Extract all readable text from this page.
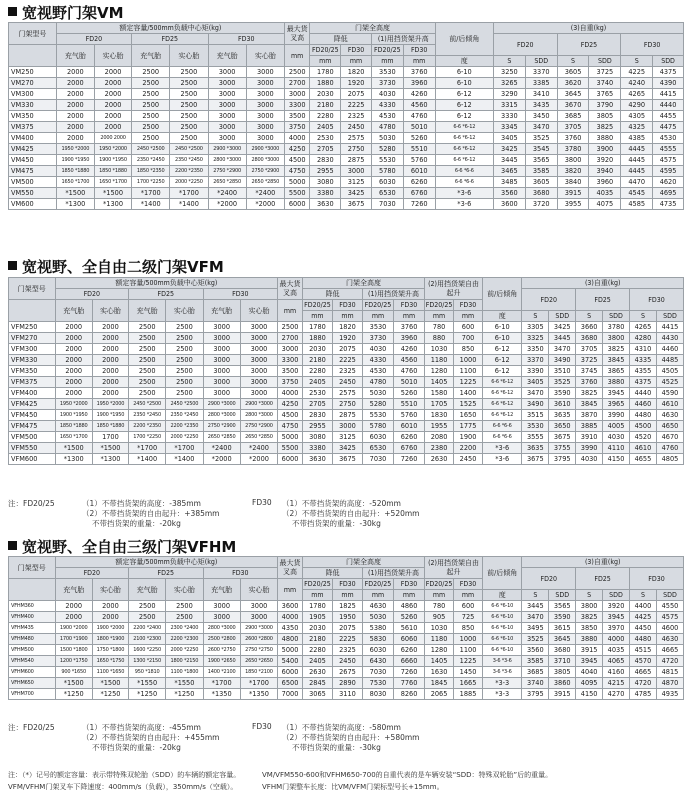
宽视野门架VM
门架型号	额定容量/500mm负载中心矩(kg)						最大货叉高	门架全高度				前/后倾角	(3)自重(kg)					
	FD20		FD25		FD30			降低		(1)用挡货架升高			FD20		FD25		FD30	
	充气胎	实心胎	充气胎	实心胎	充气胎	实心胎	mm	FD20/25	FD30	FD20/25	FD30							
								mm	mm	mm	mm	度	S	SDD	S	SDD	S	SDD
VM250	2000	2000	2500	2500	3000	3000	2500	1780	1820	3530	3760	6-10	3250	3370	3605	3725	4225	4375
VM270	2000	2000	2500	2500	3000	3000	2700	1880	1920	3730	3960	6-10	3265	3385	3620	3740	4240	4390
VM300	2000	2000	2500	2500	3000	3000	3000	2030	2075	4030	4260	6-12	3290	3410	3645	3765	4265	4415
VM330	2000	2000	2500	2500	3000	3000	3300	2180	2225	4330	4560	6-12	3315	3435	3670	3790	4290	4440
VM350	2000	2000	2500	2500	3000	3000	3500	2280	2325	4530	4760	6-12	3330	3450	3685	3805	4305	4455
VM375	2000	2000	2500	2500	3000	3000	3750	2405	2450	4780	5010	6-6 *6-12	3345	3470	3705	3825	4325	4475
VM400	2000	2000 2000	2500	2500	3000	3000	4000	2530	2575	5030	5260	6-6 *6-12	3405	3525	3760	3880	4385	4530
VM425	1950 *2000	1950 *2000	2450 *2500	2450 *2500	2900 *3000	2900 *3000	4250	2705	2750	5280	5510	6-6 *6-12	3425	3545	3780	3900	4445	4555
VM450	1900 *1950	1900 *1950	2350 *2450	2350 *2450	2800 *3000	2800 *3000	4500	2830	2875	5530	5760	6-6 *6-12	3445	3565	3800	3920	4445	4575
VM475	1850 *1880	1850 *1880	1850 *2350	2200 *2350	2750 *2900	2750 *2900	4750	2955	3000	5780	6010	6-6 *6-6	3465	3585	3820	3940	4445	4595
VM500	1650 *1700	1650 *1700	1700 *2250	2000 *2250	2650 *2850	2650 *2850	5000	3080	3125	6030	6260	6-6 *6-6	3485	3605	3840	3960	4470	4620
VM550	*1500	*1500	*1700	*1700	*2400	*2400	5500	3380	3425	6530	6760	*3-6	3560	3680	3915	4035	4545	4695
VM600	*1300	*1300	*1400	*1400	*2000	*2000	6000	3630	3675	7030	7260	*3-6	3600	3720	3955	4075	4585	4735
宽视野、全自由二级门架VFM
门架型号	额定容量/500mm负载中心矩(kg)						最大货叉高	门架全高度				(2)用挡货架自由起升		前/后倾角	(3)自重(kg)					
	FD20		FD25		FD30			降低		(1)用挡货架升高					FD20		FD25		FD30	
	充气胎	实心胎	充气胎	实心胎	充气胎	实心胎	mm	FD20/25	FD30	FD20/25	FD30	FD20/25	FD30							
								mm	mm	mm	mm	mm	mm	度	S	SDD	S	SDD	S	SDD
VFM250	2000	2000	2500	2500	3000	3000	2500	1780	1820	3530	3760	780	600	6-10	3305	3425	3660	3780	4265	4415
VFM270	2000	2000	2500	2500	3000	3000	2700	1880	1920	3730	3960	880	700	6-10	3325	3445	3680	3800	4280	4430
VFM300	2000	2000	2500	2500	3000	3000	3000	2030	2075	4030	4260	1030	850	6-12	3350	3470	3705	3825	4310	4460
VFM330	2000	2000	2500	2500	3000	3000	3300	2180	2225	4330	4560	1180	1000	6-12	3370	3490	3725	3845	4335	4485
VFM350	2000	2000	2500	2500	3000	3000	3500	2280	2325	4530	4760	1280	1100	6-12	3390	3510	3745	3865	4355	4505
VFM375	2000	2000	2500	2500	3000	3000	3750	2405	2450	4780	5010	1405	1225	6-6 *6-12	3405	3525	3760	3880	4375	4525
VFM400	2000	2000	2500	2500	3000	3000	4000	2530	2575	5030	5260	1580	1400	6-6 *6-12	3470	3590	3825	3945	4440	4590
VFM425	1950 *2000	1950 *2000	2450 *2500	2450 *2500	2900 *3000	2900 *3000	4250	2705	2750	5280	5510	1705	1525	6-6 *6-12	3490	3610	3845	3965	4460	4610
VFM450	1900 *1950	1900 *1950	2350 *2450	2350 *2450	2800 *3000	2800 *3000	4500	2830	2875	5530	5760	1830	1650	6-6 *6-12	3515	3635	3870	3990	4480	4630
VFM475	1850 *1880	1850 *1880	2200 *2350	2200 *2350	2750 *2900	2750 *2900	4750	2955	3000	5780	6010	1955	1775	6-6 *6-6	3530	3650	3885	4005	4500	4650
VFM500	1650 *1700	1700	1700 *2250	2000 *2250	2650 *2850	2650 *2850	5000	3080	3125	6030	6260	2080	1900	6-6 *6-6	3555	3675	3910	4030	4520	4670
VFM550	*1500	*1500	*1700	*1700	*2400	*2400	5500	3380	3425	6530	6760	2380	2200	*3-6	3635	3755	3990	4110	4610	4760
VFM600	*1300	*1300	*1400	*1400	*2000	*2000	6000	3630	3675	7030	7260	2630	2450	*3-6	3675	3795	4030	4150	4655	4805
注：FD20/25	（1）不带挡货架的高度：-385mm
（2）不带挡货架的自由起升：+385mm
不带挡货架的重量：-20kg
FD30 （1）不带挡货架的高度：-520mm
（2）不带挡货架的自由起升：+520mm
不带挡货架的重量：-30kg
宽视野、全自由三级门架VFHM
门架型号	额定容量/500mm负载中心矩(kg)						最大货叉高	门架全高度				(2)用挡货架自由起升		前/后倾角	(3)自重(kg)					
	FD20		FD25		FD30			降低		(1)用挡货架升高					FD20		FD25		FD30	
	充气胎	实心胎	充气胎	实心胎	充气胎	实心胎	mm	FD20/25	FD30	FD20/25	FD30	FD20/25	FD30							
								mm	mm	mm	mm	mm	mm	度	S	SDD	S	SDD	S	SDD
VFHM360	2000	2000	2500	2500	3000	3000	3600	1780	1825	4630	4860	780	600	6-6 *6-10	3445	3565	3800	3920	4400	4550
VFHM400	2000	2000	2500	2500	3000	3000	4000	1905	1950	5030	5260	905	725	6-6 *6-10	3470	3590	3825	3945	4425	4575
VFHM435	1900 *2000	1900 *2000	2200 *2400	2300 *2400	2800 *3000	2900 *3000	4350	2030	2075	5380	5610	1030	850	6-6 *6-10	3495	3615	3850	3970	4450	4600
VFHM480	1700 *1900	1800 *1900	2100 *2300	2200 *2300	2500 *2800	2600 *2800	4800	2180	2225	5830	6060	1180	1000	6-6 *6-10	3525	3645	3880	4000	4480	4630
VFHM500	1500 *1800	1750 *1800	1600 *2250	2000 *2250	2600 *2750	2750 *2750	5000	2280	2325	6030	6260	1280	1100	6-6 *6-10	3560	3680	3915	4035	4515	4665
VFHM540	1200 *1750	1650 *1750	1300 *2150	1800 *2150	1900 *2650	2650 *2650	5400	2405	2450	6430	6660	1405	1225	3-6 *3-6	3585	3710	3945	4065	4570	4720
VFHM600	900 *1650	1100 *1650	950 *1810	1100 *1800	1400 *2100	1850 *2100	6000	2630	2675	7030	7260	1630	1450	3-6 *3-6	3685	3805	4040	4160	4665	4815
VFHM650	*1500	*1500	*1550	*1550	*1700	*1700	6500	2845	2890	7530	7760	1845	1665	*3-3	3740	3860	4095	4215	4720	4870
VFHM700	*1250	*1250	*1250	*1250	*1350	*1350	7000	3065	3110	8030	8260	2065	1885	*3-3	3795	3915	4150	4270	4785	4935
注：FD20/25	（1）不带挡货架的高度：-455mm
（2）不带挡货架的自由起升：+455mm
不带挡货架的重量：-20kg
FD30 （1）不带挡货架的高度：-580mm
（2）不带挡货架的自由起升：+580mm
不带挡货架的重量：-30kg
注：（*）记号的额定容量：表示带特殊双轮胎（SDD）的车辆的额定容量。	VM/VFM550-600和VFHM650-700的自重代表的是车辆安装“SDD：特殊双轮胎”后的重量。
VFM/VFHM门架叉车下降速度：400mm/s（负载），350mm/s（空载）。	VFHM门架整车长度：比VM/VFM门架标型号长+15mm。
